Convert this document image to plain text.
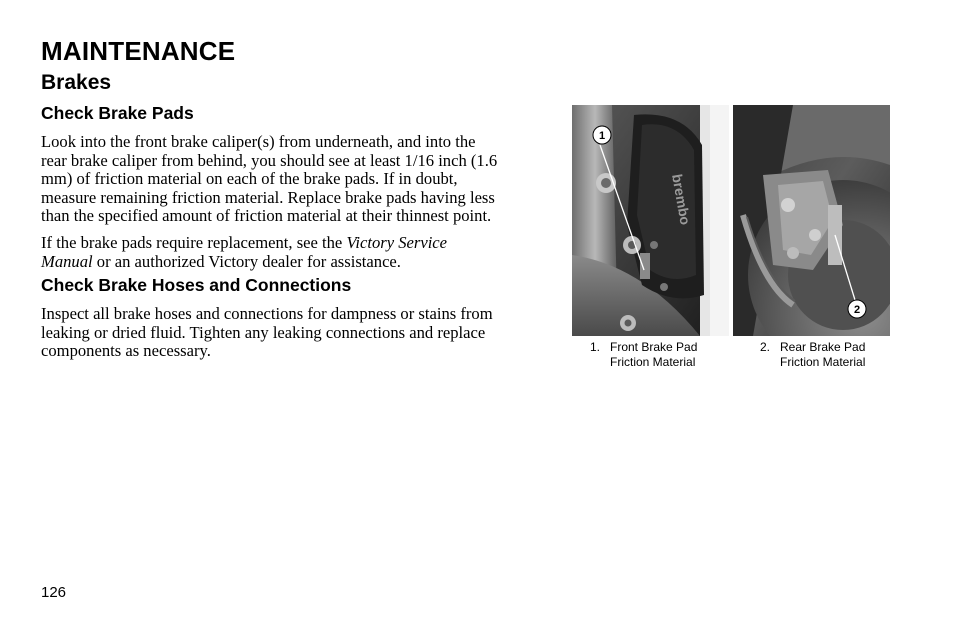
MAINTENANCE
Brakes
Check Brake Pads

Look into the front brake caliper(s) from underneath, and into the

rear brake caliper from behind, you should see at least 1/16 inch (1.6

mm) of friction material on each of the brake pads. If in doubt,

measure remaining friction material. Replace brake pads having less

than the specified amount of friction material at their thinnest point.

If the brake pads require replacement, see the Victory Service

Manual or an authorized Victory dealer for assistance.

Check Brake Hoses and Connections

Inspect all brake hoses and connections for dampness or stains from

leaking or dried fluid. Tighten any leaking connections and replace

components as necessary.

brembo
1
2
1. Front Brake Pad
Friction Material
2. Rear Brake Pad
Friction Material
126
